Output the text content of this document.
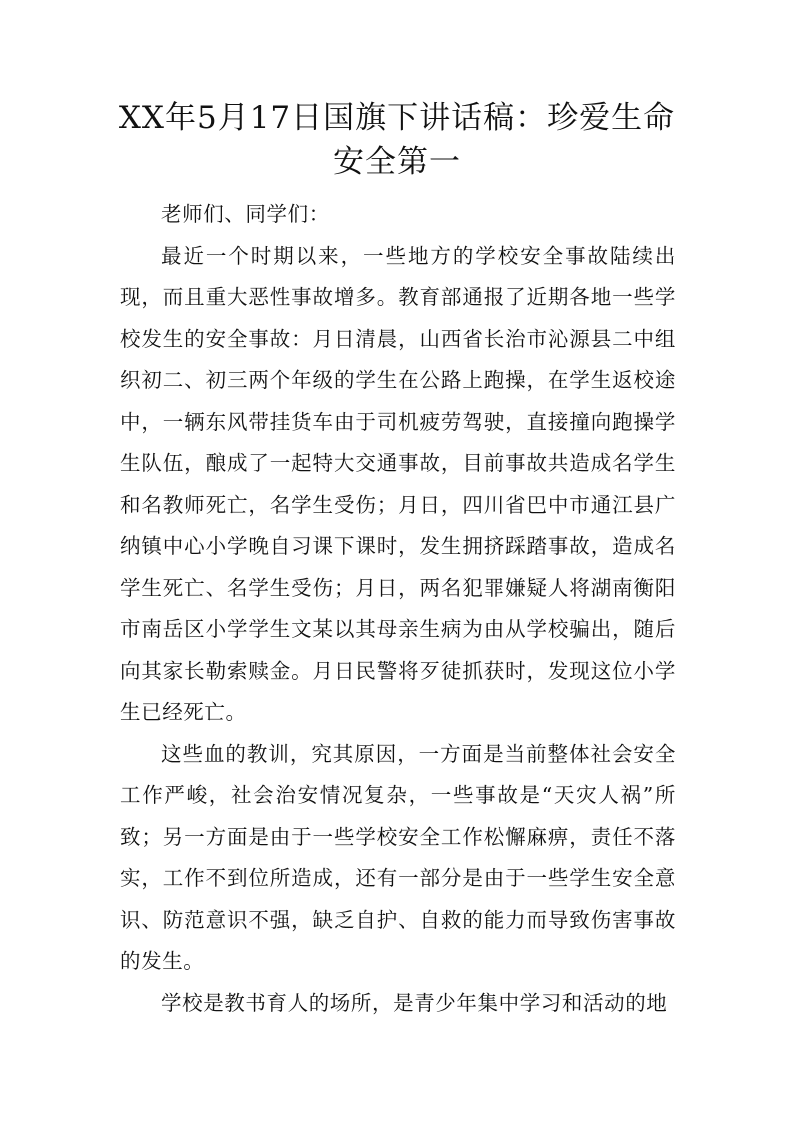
XX年5月17日国旗下讲话稿：珍爱生命
安全第一

老师们、同学们：

最近一个时期以来，一些地方的学校安全事故陆续出现，而且重大恶性事故增多。教育部通报了近期各地一些学校发生的安全事故：月日清晨，山西省长治市沁源县二中组织初二、初三两个年级的学生在公路上跑操，在学生返校途中，一辆东风带挂货车由于司机疲劳驾驶，直接撞向跑操学生队伍，酿成了一起特大交通事故，目前事故共造成名学生和名教师死亡，名学生受伤；月日，四川省巴中市通江县广纳镇中心小学晚自习课下课时，发生拥挤踩踏事故，造成名学生死亡、名学生受伤；月日，两名犯罪嫌疑人将湖南衡阳市南岳区小学学生文某以其母亲生病为由从学校骗出，随后向其家长勒索赎金。月日民警将歹徒抓获时，发现这位小学生已经死亡。

这些血的教训，究其原因，一方面是当前整体社会安全工作严峻，社会治安情况复杂，一些事故是“天灾人祸”所致；另一方面是由于一些学校安全工作松懈麻痹，责任不落实，工作不到位所造成，还有一部分是由于一些学生安全意识、防范意识不强，缺乏自护、自救的能力而导致伤害事故的发生。

学校是教书育人的场所，是青少年集中学习和活动的地
